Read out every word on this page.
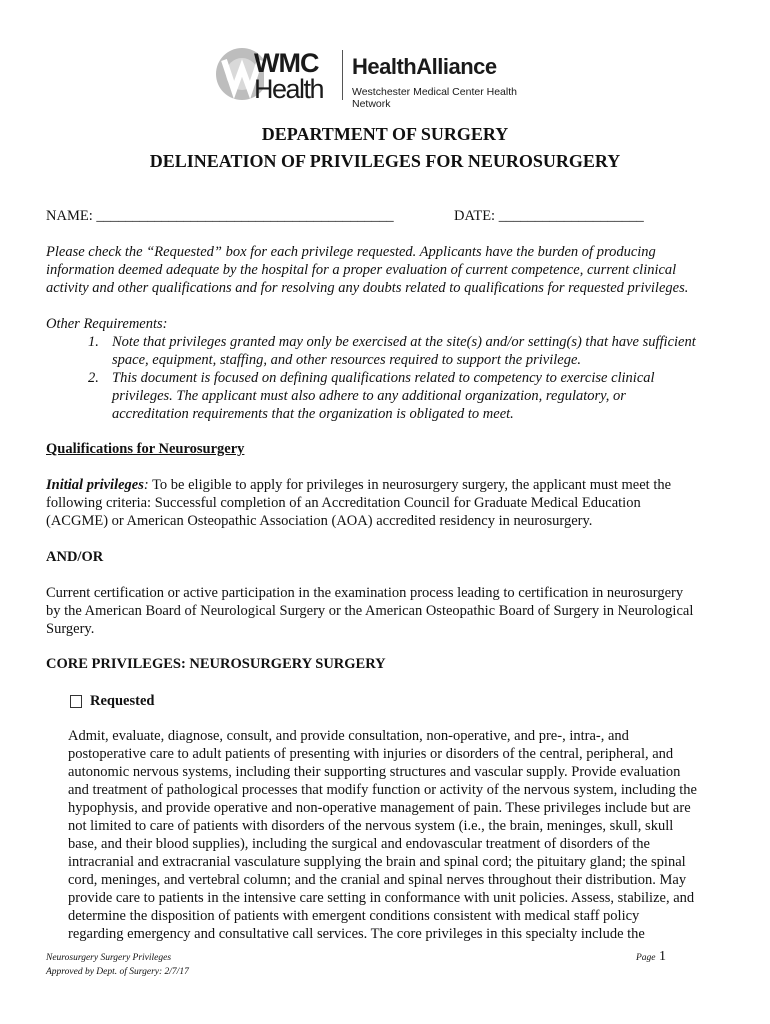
WMC
Health
HealthAlliance
Westchester Medical Center Health Network
DEPARTMENT OF SURGERY
DELINEATION OF PRIVILEGES FOR NEUROSURGERY
NAME: _________________________________________	DATE: ____________________
Please check the “Requested” box for each privilege requested. Applicants have the burden of producing
information deemed adequate by the hospital for a proper evaluation of current competence, current clinical
activity and other qualifications and for resolving any doubts related to qualifications for requested privileges.
Other Requirements:
1. Note that privileges granted may only be exercised at the site(s) and/or setting(s) that have sufficient
space, equipment, staffing, and other resources required to support the privilege.
2. This document is focused on defining qualifications related to competency to exercise clinical
privileges. The applicant must also adhere to any additional organization, regulatory, or
accreditation requirements that the organization is obligated to meet.
Qualifications for Neurosurgery
Initial privileges: To be eligible to apply for privileges in neurosurgery surgery, the applicant must meet the
following criteria: Successful completion of an Accreditation Council for Graduate Medical Education
(ACGME) or American Osteopathic Association (AOA) accredited residency in neurosurgery.
AND/OR
Current certification or active participation in the examination process leading to certification in neurosurgery
by the American Board of Neurological Surgery or the American Osteopathic Board of Surgery in Neurological
Surgery.
CORE PRIVILEGES: NEUROSURGERY SURGERY
Requested
Admit, evaluate, diagnose, consult, and provide consultation, non-operative, and pre-, intra-, and
postoperative care to adult patients of presenting with injuries or disorders of the central, peripheral, and
autonomic nervous systems, including their supporting structures and vascular supply. Provide evaluation
and treatment of pathological processes that modify function or activity of the nervous system, including the
hypophysis, and provide operative and non-operative management of pain. These privileges include but are
not limited to care of patients with disorders of the nervous system (i.e., the brain, meninges, skull, skull
base, and their blood supplies), including the surgical and endovascular treatment of disorders of the
intracranial and extracranial vasculature supplying the brain and spinal cord; the pituitary gland; the spinal
cord, meninges, and vertebral column; and the cranial and spinal nerves throughout their distribution. May
provide care to patients in the intensive care setting in conformance with unit policies. Assess, stabilize, and
determine the disposition of patients with emergent conditions consistent with medical staff policy
regarding emergency and consultative call services. The core privileges in this specialty include the
Neurosurgery Surgery Privileges
Approved by Dept. of Surgery: 2/7/17
Page 1
